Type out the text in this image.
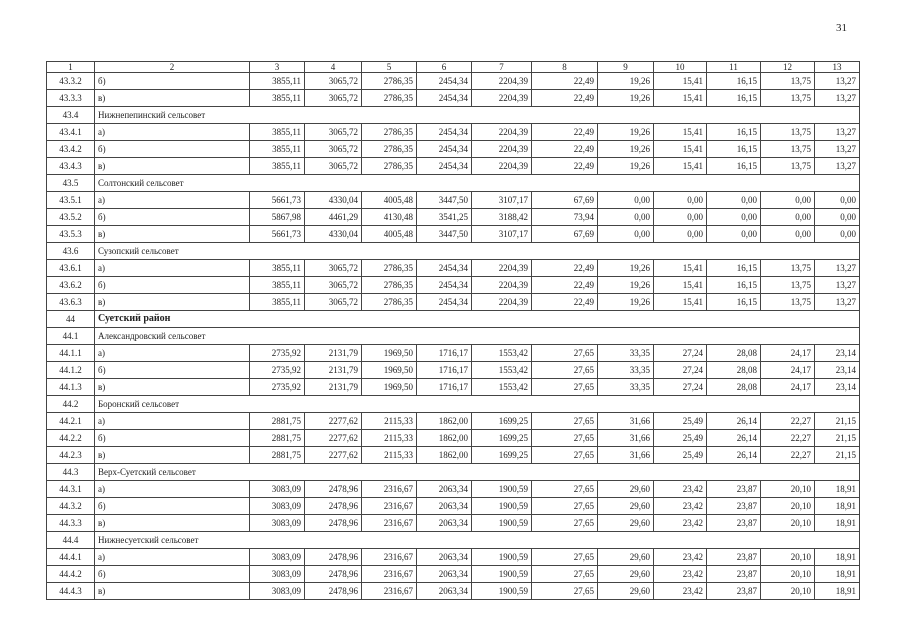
31
1	2	3	4	5	6	7	8	9	10	11	12	13
43.3.2	б)	3855,11	3065,72	2786,35	2454,34	2204,39	22,49	19,26	15,41	16,15	13,75	13,27
43.3.3	в)	3855,11	3065,72	2786,35	2454,34	2204,39	22,49	19,26	15,41	16,15	13,75	13,27
43.4	Нижнепепинский сельсовет											
43.4.1	а)	3855,11	3065,72	2786,35	2454,34	2204,39	22,49	19,26	15,41	16,15	13,75	13,27
43.4.2	б)	3855,11	3065,72	2786,35	2454,34	2204,39	22,49	19,26	15,41	16,15	13,75	13,27
43.4.3	в)	3855,11	3065,72	2786,35	2454,34	2204,39	22,49	19,26	15,41	16,15	13,75	13,27
43.5	Солтонский сельсовет											
43.5.1	а)	5661,73	4330,04	4005,48	3447,50	3107,17	67,69	0,00	0,00	0,00	0,00	0,00
43.5.2	б)	5867,98	4461,29	4130,48	3541,25	3188,42	73,94	0,00	0,00	0,00	0,00	0,00
43.5.3	в)	5661,73	4330,04	4005,48	3447,50	3107,17	67,69	0,00	0,00	0,00	0,00	0,00
43.6	Сузопский сельсовет											
43.6.1	а)	3855,11	3065,72	2786,35	2454,34	2204,39	22,49	19,26	15,41	16,15	13,75	13,27
43.6.2	б)	3855,11	3065,72	2786,35	2454,34	2204,39	22,49	19,26	15,41	16,15	13,75	13,27
43.6.3	в)	3855,11	3065,72	2786,35	2454,34	2204,39	22,49	19,26	15,41	16,15	13,75	13,27
44	Суетский район											
44.1	Александровский сельсовет											
44.1.1	а)	2735,92	2131,79	1969,50	1716,17	1553,42	27,65	33,35	27,24	28,08	24,17	23,14
44.1.2	б)	2735,92	2131,79	1969,50	1716,17	1553,42	27,65	33,35	27,24	28,08	24,17	23,14
44.1.3	в)	2735,92	2131,79	1969,50	1716,17	1553,42	27,65	33,35	27,24	28,08	24,17	23,14
44.2	Боронский сельсовет											
44.2.1	а)	2881,75	2277,62	2115,33	1862,00	1699,25	27,65	31,66	25,49	26,14	22,27	21,15
44.2.2	б)	2881,75	2277,62	2115,33	1862,00	1699,25	27,65	31,66	25,49	26,14	22,27	21,15
44.2.3	в)	2881,75	2277,62	2115,33	1862,00	1699,25	27,65	31,66	25,49	26,14	22,27	21,15
44.3	Верх-Суетский сельсовет											
44.3.1	а)	3083,09	2478,96	2316,67	2063,34	1900,59	27,65	29,60	23,42	23,87	20,10	18,91
44.3.2	б)	3083,09	2478,96	2316,67	2063,34	1900,59	27,65	29,60	23,42	23,87	20,10	18,91
44.3.3	в)	3083,09	2478,96	2316,67	2063,34	1900,59	27,65	29,60	23,42	23,87	20,10	18,91
44.4	Нижнесуетский сельсовет											
44.4.1	а)	3083,09	2478,96	2316,67	2063,34	1900,59	27,65	29,60	23,42	23,87	20,10	18,91
44.4.2	б)	3083,09	2478,96	2316,67	2063,34	1900,59	27,65	29,60	23,42	23,87	20,10	18,91
44.4.3	в)	3083,09	2478,96	2316,67	2063,34	1900,59	27,65	29,60	23,42	23,87	20,10	18,91
